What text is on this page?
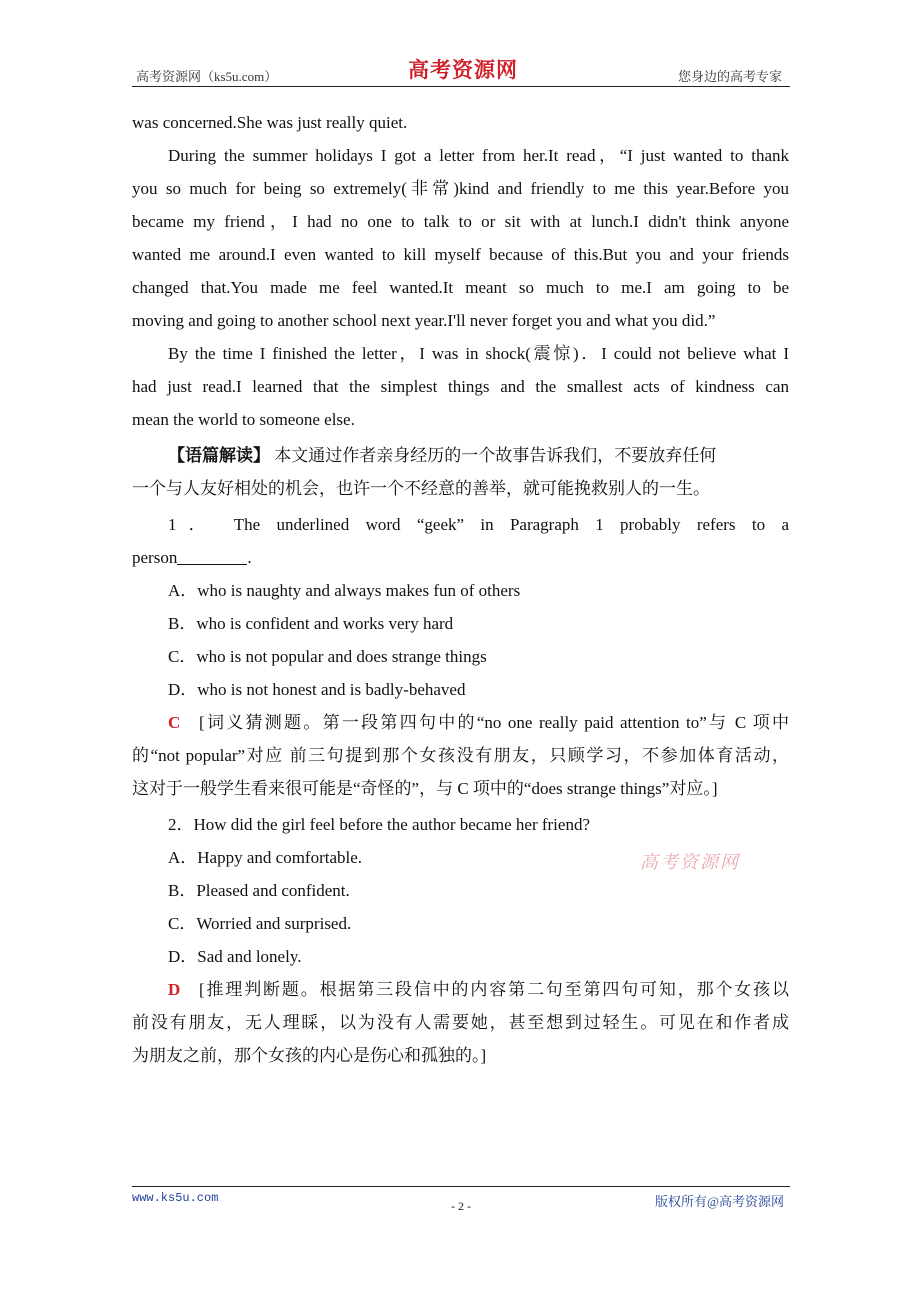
高考资源网（ks5u.com）	高考资源网	您身边的高考专家
was concerned.She was just really quiet.
During the summer holidays I got a letter from her.It read，“I just wanted to thank
you so much for being so extremely(非常)kind and friendly to me this year.Before you
became my friend，I had no one to talk to or sit with at lunch.I didn't think anyone
wanted me around.I even wanted to kill myself because of this.But you and your friends
changed that.You made me feel wanted.It meant so much to me.I am going to be
moving and going to another school next year.I'll never forget you and what you did.”
By the time I finished the letter，I was in shock(震惊)．I could not believe what I
had just read.I learned that the simplest things and the smallest acts of kindness can
mean the world to someone else.
【语篇解读】 本文通过作者亲身经历的一个故事告诉我们，不要放弃任何
一个与人友好相处的机会，也许一个不经意的善举，就可能挽救别人的一生。
1． The underlined word “geek” in Paragraph 1 probably refers to a
person	.
A．who is naughty and always makes fun of others
B．who is confident and works very hard
C．who is not popular and does strange things
D．who is not honest and is badly‐behaved
C [词义猜测题。第一段第四句中的“no one really paid attention to”与 C 项中
的“not popular”对应 前三句提到那个女孩没有朋友，只顾学习，不参加体育活动，
这对于一般学生看来很可能是“奇怪的”，与 C 项中的“does strange things”对应。]
2．How did the girl feel before the author became her friend?
A．Happy and comfortable.
B．Pleased and confident.
C．Worried and surprised.
D．Sad and lonely.
D [推理判断题。根据第三段信中的内容第二句至第四句可知，那个女孩以
前没有朋友，无人理睬，以为没有人需要她，甚至想到过轻生。可见在和作者成
为朋友之前，那个女孩的内心是伤心和孤独的。]
高考资源网
www.ks5u.com
- 2 -	版权所有@高考资源网
